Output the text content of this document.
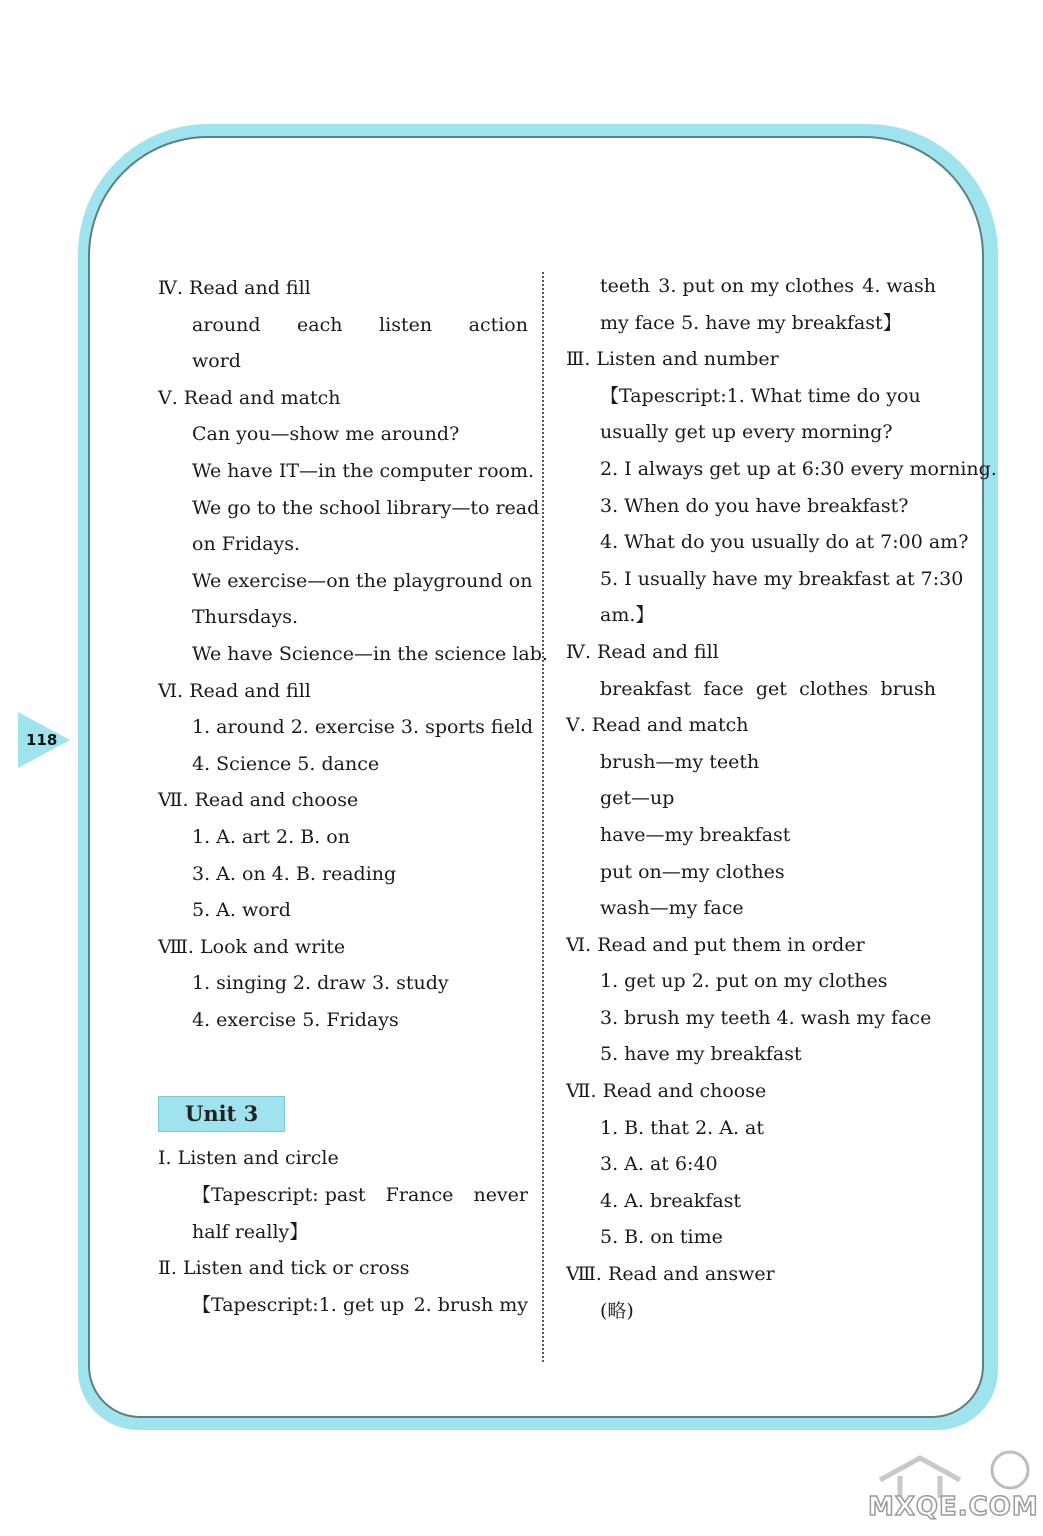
118
Ⅳ. Read and fill
around each listen action
word
Ⅴ. Read and match
Can you—show me around?
We have IT—in the computer room.
We go to the school library—to read
on Fridays.
We exercise—on the playground on
Thursdays.
We have Science—in the science lab.
Ⅵ. Read and fill
1. around 2. exercise 3. sports field
4. Science 5. dance
Ⅶ. Read and choose
1. A. art 2. B. on
3. A. on 4. B. reading
5. A. word
Ⅷ. Look and write
1. singing 2. draw 3. study
4. exercise 5. Fridays
Unit 3
Ⅰ. Listen and circle
【Tapescript: past France never
half really】
Ⅱ. Listen and tick or cross
【Tapescript:1. get up 2. brush my
teeth 3. put on my clothes 4. wash
my face 5. have my breakfast】
Ⅲ. Listen and number
【Tapescript:1. What time do you
usually get up every morning?
2. I always get up at 6:30 every morning.
3. When do you have breakfast?
4. What do you usually do at 7:00 am?
5. I usually have my breakfast at 7:30
am.】
Ⅳ. Read and fill
breakfast face get clothes brush
Ⅴ. Read and match
brush—my teeth
get—up
have—my breakfast
put on—my clothes
wash—my face
Ⅵ. Read and put them in order
1. get up 2. put on my clothes
3. brush my teeth 4. wash my face
5. have my breakfast
Ⅶ. Read and choose
1. B. that 2. A. at
3. A. at 6:40
4. A. breakfast
5. B. on time
Ⅷ. Read and answer
(略)
MXQE.COM
